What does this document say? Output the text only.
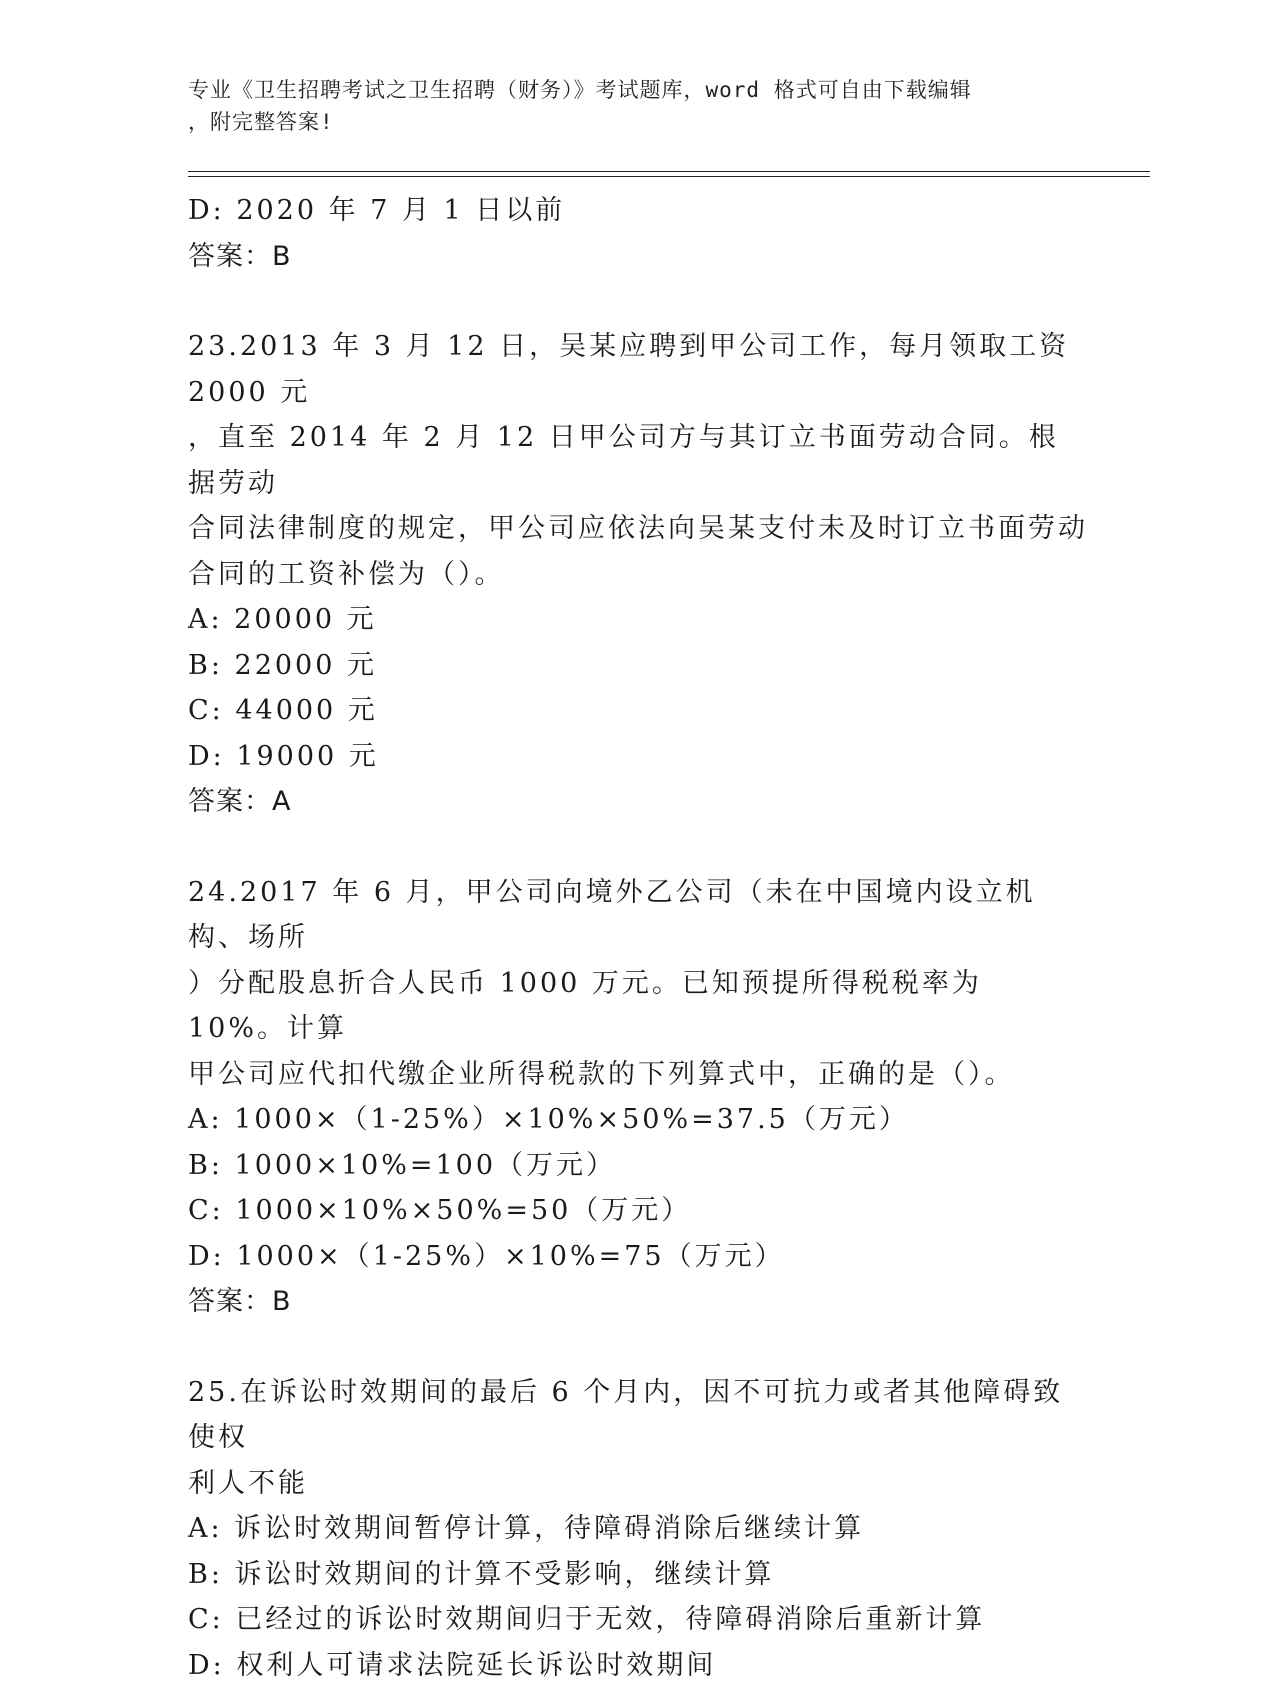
专业《卫生招聘考试之卫生招聘（财务）》考试题库，word 格式可自由下载编辑
，附完整答案!
D: 2020 年 7 月 1 日以前
答案：B
23.2013 年 3 月 12 日，吴某应聘到甲公司工作，每月领取工资 2000 元
，直至 2014 年 2 月 12 日甲公司方与其订立书面劳动合同。根据劳动
合同法律制度的规定，甲公司应依法向吴某支付未及时订立书面劳动
合同的工资补偿为（）。
A: 20000 元
B: 22000 元
C: 44000 元
D: 19000 元
答案：A
24.2017 年 6 月，甲公司向境外乙公司（未在中国境内设立机构、场所
）分配股息折合人民币 1000 万元。已知预提所得税税率为 10%。计算
甲公司应代扣代缴企业所得税款的下列算式中，正确的是（）。
A: 1000×（1-25%）×10%×50%=37.5（万元）
B: 1000×10%=100（万元）
C: 1000×10%×50%=50（万元）
D: 1000×（1-25%）×10%=75（万元）
答案：B
25.在诉讼时效期间的最后 6 个月内，因不可抗力或者其他障碍致使权
利人不能
A: 诉讼时效期间暂停计算，待障碍消除后继续计算
B: 诉讼时效期间的计算不受影响，继续计算
C: 已经过的诉讼时效期间归于无效，待障碍消除后重新计算
D: 权利人可请求法院延长诉讼时效期间
